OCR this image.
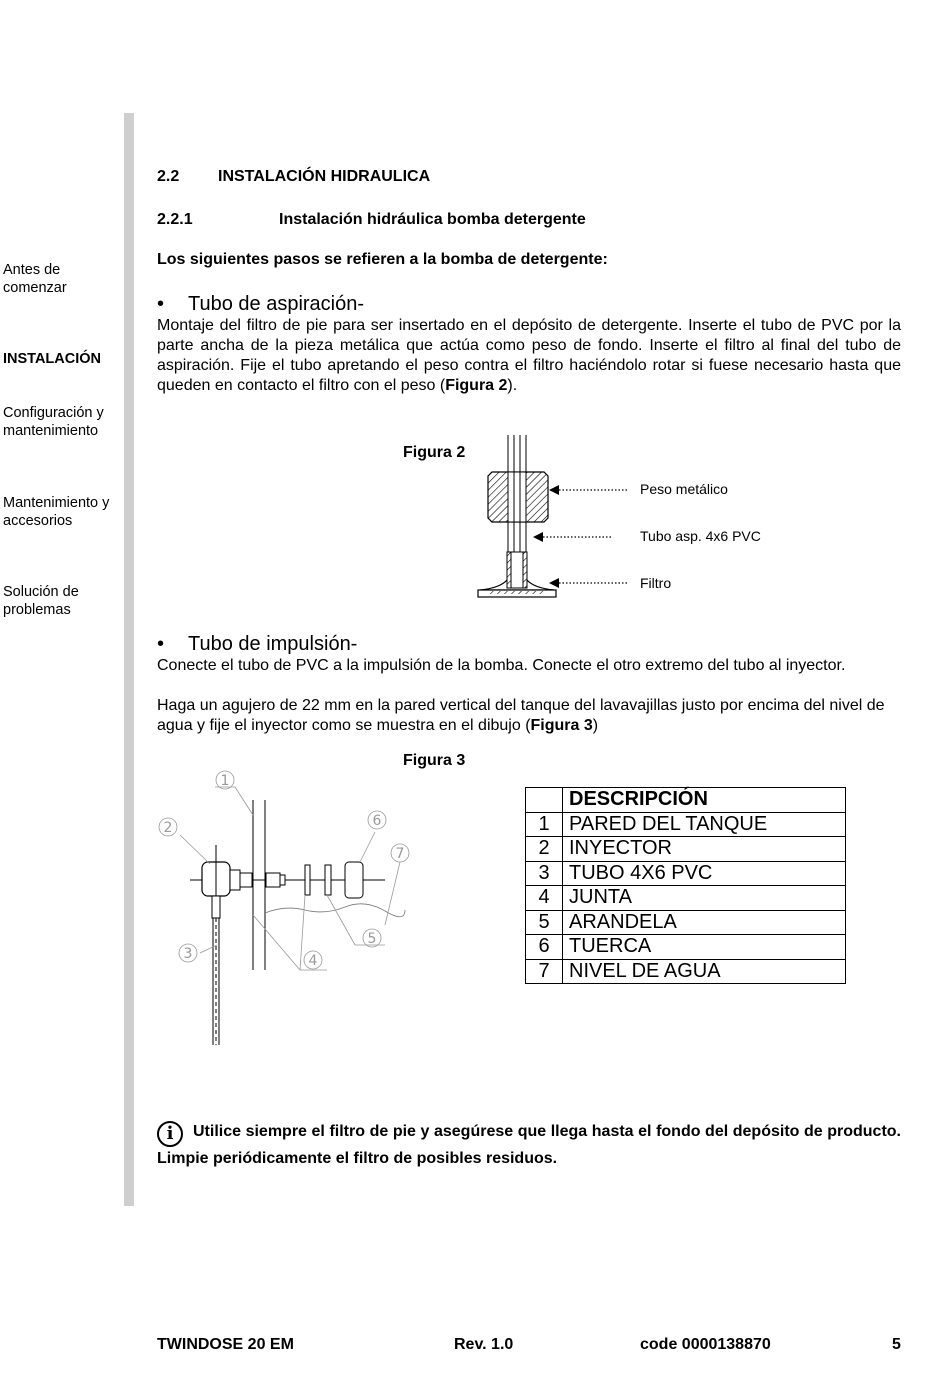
Antes de comenzar
INSTALACIÓN
Configuración y mantenimiento
Mantenimiento y accesorios
Solución de problemas
2.2 INSTALACIÓN HIDRAULICA
2.2.1	Instalación hidráulica bomba detergente
Los siguientes pasos se refieren a la bomba de detergente:
• Tubo de aspiración-
Montaje del filtro de pie para ser insertado en el depósito de detergente. Inserte el tubo de PVC por la parte ancha de la pieza metálica que actúa como peso de fondo. Inserte el filtro al final del tubo de aspiración. Fije el tubo apretando el peso contra el filtro haciéndolo rotar si fuese necesario hasta que queden en contacto el filtro con el peso (Figura 2).
Figura 2
Peso metálico
Tubo asp. 4x6 PVC
Filtro
• Tubo de impulsión-
Conecte el tubo de PVC a la impulsión de la bomba. Conecte el otro extremo del tubo al inyector.
Haga un agujero de 22 mm en la pared vertical del tanque del lavavajillas justo por encima del nivel de agua y fije el inyector como se muestra en el dibujo (Figura 3)
Figura 3
1
2
3	4
5
6
7
	DESCRIPCIÓN
1	PARED DEL TANQUE
2	INYECTOR
3	TUBO 4X6 PVC
4	JUNTA
5	ARANDELA
6	TUERCA
7	NIVEL DE AGUA
i Utilice siempre el filtro de pie y asegúrese que llega hasta el fondo del depósito de producto. Limpie periódicamente el filtro de posibles residuos.
TWINDOSE 20 EM	Rev. 1.0	code 0000138870	5
